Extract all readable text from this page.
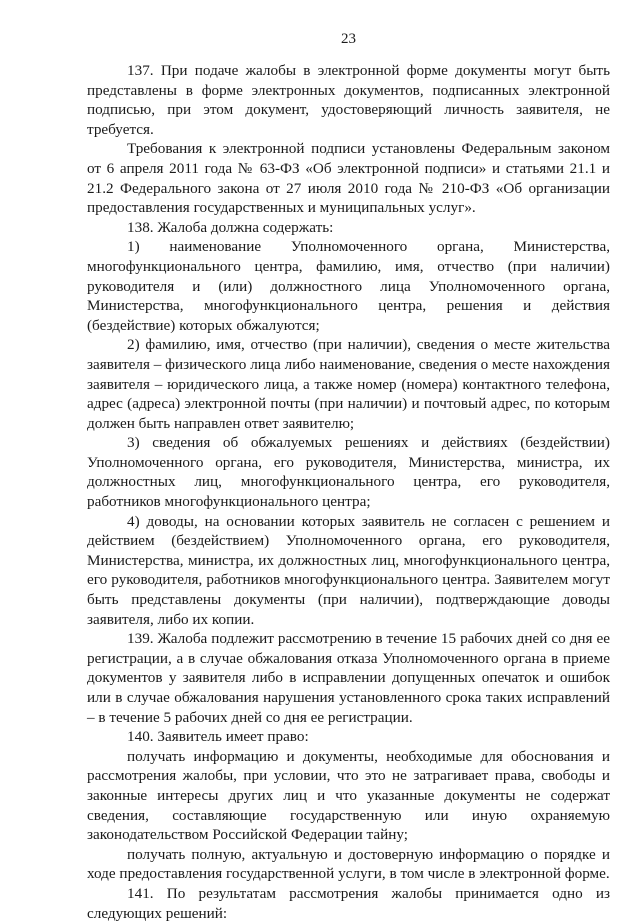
23

137. При подаче жалобы в электронной форме документы могут быть представлены в форме электронных документов, подписанных электронной подписью, при этом документ, удостоверяющий личность заявителя, не требуется.

Требования к электронной подписи установлены Федеральным законом от 6 апреля 2011 года № 63-ФЗ «Об электронной подписи» и статьями 21.1 и 21.2 Федерального закона от 27 июля 2010 года № 210-ФЗ «Об организации предоставления государственных и муниципальных услуг».

138. Жалоба должна содержать:

1) наименование Уполномоченного органа, Министерства, многофункционального центра, фамилию, имя, отчество (при наличии) руководителя и (или) должностного лица Уполномоченного органа, Министерства, многофункционального центра, решения и действия (бездействие) которых обжалуются;

2) фамилию, имя, отчество (при наличии), сведения о месте жительства заявителя – физического лица либо наименование, сведения о месте нахождения заявителя – юридического лица, а также номер (номера) контактного телефона, адрес (адреса) электронной почты (при наличии) и почтовый адрес, по которым должен быть направлен ответ заявителю;

3) сведения об обжалуемых решениях и действиях (бездействии) Уполномоченного органа, его руководителя, Министерства, министра, их должностных лиц, многофункционального центра, его руководителя, работников многофункционального центра;

4) доводы, на основании которых заявитель не согласен с решением и действием (бездействием) Уполномоченного органа, его руководителя, Министерства, министра, их должностных лиц, многофункционального центра, его руководителя, работников многофункционального центра. Заявителем могут быть представлены документы (при наличии), подтверждающие доводы заявителя, либо их копии.

139. Жалоба подлежит рассмотрению в течение 15 рабочих дней со дня ее регистрации, а в случае обжалования отказа Уполномоченного органа в приеме документов у заявителя либо в исправлении допущенных опечаток и ошибок или в случае обжалования нарушения установленного срока таких исправлений – в течение 5 рабочих дней со дня ее регистрации.

140. Заявитель имеет право:

получать информацию и документы, необходимые для обоснования и рассмотрения жалобы, при условии, что это не затрагивает права, свободы и законные интересы других лиц и что указанные документы не содержат сведения, составляющие государственную или иную охраняемую законодательством Российской Федерации тайну;

получать полную, актуальную и достоверную информацию о порядке и ходе предоставления государственной услуги, в том числе в электронной форме.

141. По результатам рассмотрения жалобы принимается одно из следующих решений:
